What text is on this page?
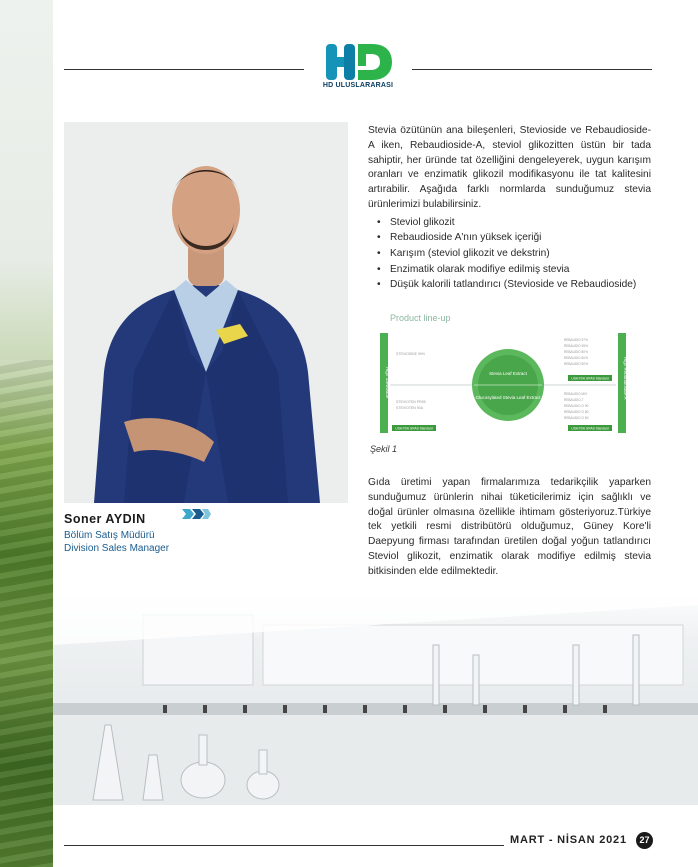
HD ULUSLARARASI
Soner AYDIN
Bölüm Satış Müdürü
Division Sales Manager

Stevia özütünün ana bileşenleri, Stevioside ve Rebaudioside-A iken, Rebaudioside-A, steviol glikozitten üstün bir tada sahiptir, her üründe tat özelliğini dengeleyerek, uygun karışım oranları ve enzimatik glikozil modifikasyonu ile tat kalitesini artırabilir. Aşağıda farklı normlarda sunduğumuz stevia ürünlerimizi bulabilirsiniz.

• Steviol glikozit
• Rebaudioside A'nın yüksek içeriği
• Karışım (steviol glikozit ve dekstrin)
• Enzimatik olarak modifiye edilmiş stevia
• Düşük kalorili tatlandırıcı (Stevioside ve Rebaudioside)
Product line-up
High Stevioside	High Rebaudioside-A
Stevia Leaf Extract
Glucosylated Stevia Leaf Extract
STEVIOSIDE 90%
STEVIOTEN PR95
STEVIOTEN 90A
REBAUDIO 97%
REBAUDIO 95%
REBAUDIO 80%
REBAUDIO 60%
REBAUDIO 50%
REBAUDIO MIX
REBAUDIO-T
REBAUDIO G 90
REBAUDIO G 80
REBAUDIO G 60
USA FDA GRAS Standard
USA FDA GRAS Standard	USA FDA GRAS Standard
Şekil 1

Gıda üretimi yapan firmalarımıza tedarikçilik yaparken sunduğumuz ürünlerin nihai tüketicilerimiz için sağlıklı ve doğal ürünler olmasına özellikle ihtimam gösteriyoruz.Türkiye tek yetkili resmi distribütörü olduğumuz, Güney Kore'li Daepyung firması tarafından üretilen doğal yoğun tatlandırıcı Steviol glikozit, enzimatik olarak modifiye edilmiş stevia bitkisinden elde edilmektedir.

MART - NİSAN 2021	27
